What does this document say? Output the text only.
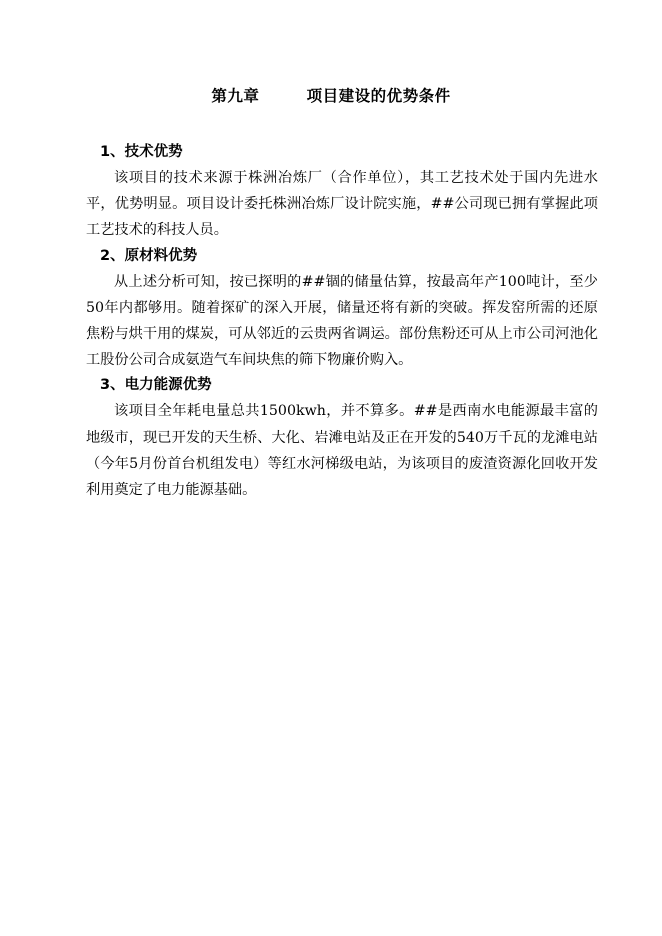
第九章        项目建设的优势条件

1、技术优势

该项目的技术来源于株洲冶炼厂（合作单位），其工艺技术处于国内先进水平，优势明显。项目设计委托株洲冶炼厂设计院实施，##公司现已拥有掌握此项工艺技术的科技人员。

2、原材料优势

从上述分析可知，按已探明的##锢的储量估算，按最高年产100吨计，至少50年内都够用。随着探矿的深入开展，储量还将有新的突破。挥发窑所需的还原焦粉与烘干用的煤炭，可从邻近的云贵两省调运。部份焦粉还可从上市公司河池化工股份公司合成氨造气车间块焦的筛下物廉价购入。

3、电力能源优势

该项目全年耗电量总共1500kwh，并不算多。##是西南水电能源最丰富的地级市，现已开发的天生桥、大化、岩滩电站及正在开发的540万千瓦的龙滩电站（今年5月份首台机组发电）等红水河梯级电站，为该项目的废渣资源化回收开发利用奠定了电力能源基础。
